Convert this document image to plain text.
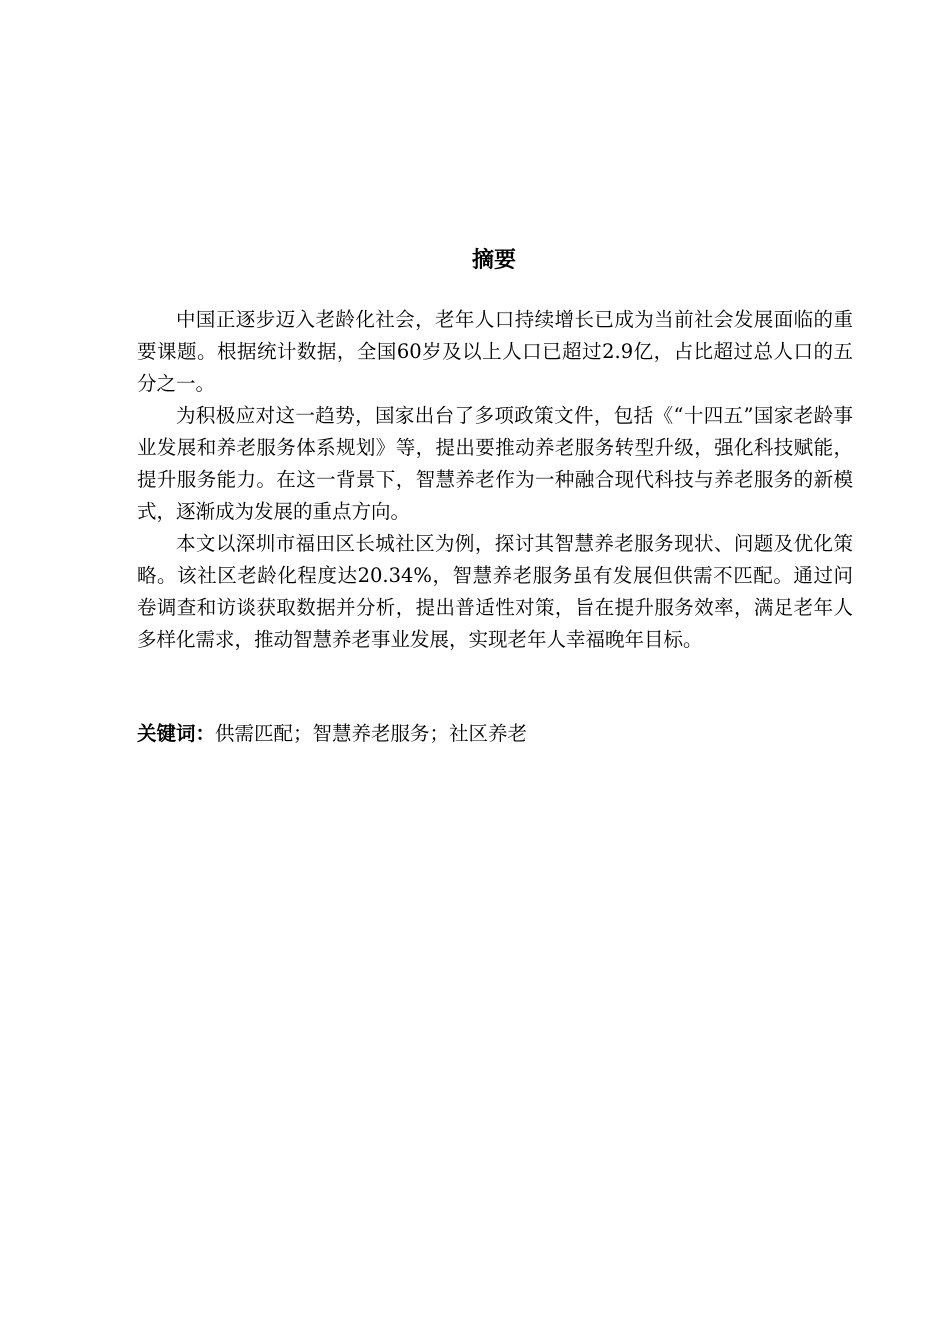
摘要

中国正逐步迈入老龄化社会，老年人口持续增长已成为当前社会发展面临的重要课题。根据统计数据，全国60岁及以上人口已超过2.9亿，占比超过总人口的五分之一。

为积极应对这一趋势，国家出台了多项政策文件，包括《“十四五”国家老龄事业发展和养老服务体系规划》等，提出要推动养老服务转型升级，强化科技赋能，提升服务能力。在这一背景下，智慧养老作为一种融合现代科技与养老服务的新模式，逐渐成为发展的重点方向。

本文以深圳市福田区长城社区为例，探讨其智慧养老服务现状、问题及优化策略。该社区老龄化程度达20.34%，智慧养老服务虽有发展但供需不匹配。通过问卷调查和访谈获取数据并分析，提出普适性对策，旨在提升服务效率，满足老年人多样化需求，推动智慧养老事业发展，实现老年人幸福晚年目标。

关键词：供需匹配；智慧养老服务；社区养老
